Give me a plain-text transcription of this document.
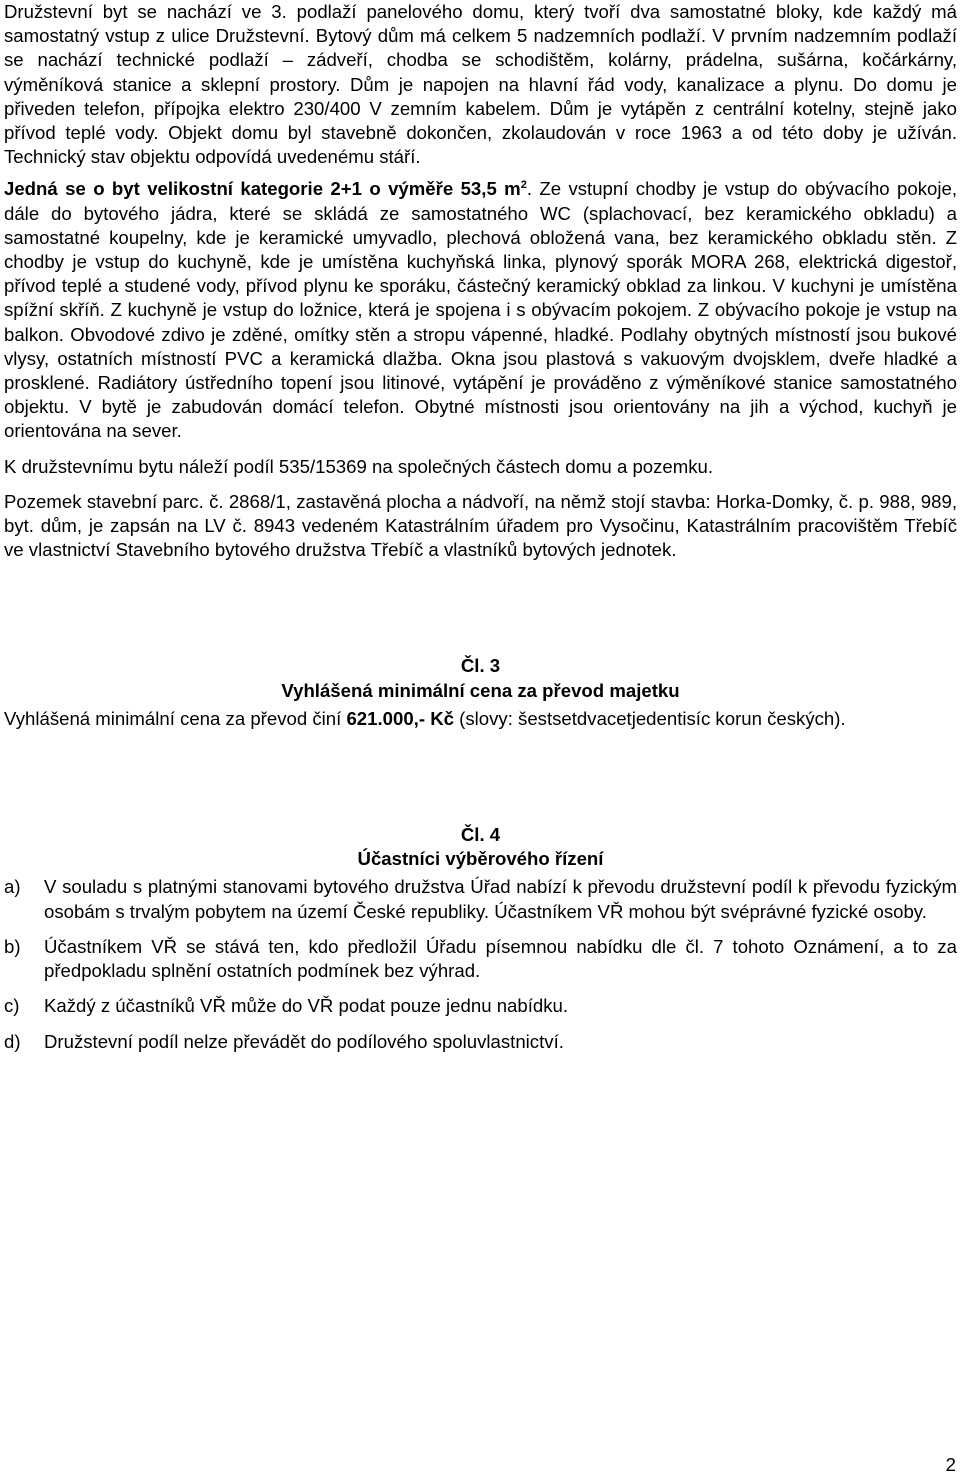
Družstevní byt se nachází ve 3. podlaží panelového domu, který tvoří dva samostatné bloky, kde každý má samostatný vstup z ulice Družstevní. Bytový dům má celkem 5 nadzemních podlaží. V prvním nadzemním podlaží se nachází technické podlaží – zádveří, chodba se schodištěm, kolárny, prádelna, sušárna, kočárkárny, výměníková stanice a sklepní prostory. Dům je napojen na hlavní řád vody, kanalizace a plynu. Do domu je přiveden telefon, přípojka elektro 230/400 V zemním kabelem. Dům je vytápěn z centrální kotelny, stejně jako přívod teplé vody. Objekt domu byl stavebně dokončen, zkolaudován v roce 1963 a od této doby je užíván. Technický stav objektu odpovídá uvedenému stáří.

Jedná se o byt velikostní kategorie 2+1 o výměře 53,5 $m^2$. Ze vstupní chodby je vstup do obývacího pokoje, dále do bytového jádra, které se skládá ze samostatného WC (splachovací, bez keramického obkladu) a samostatné koupelny, kde je keramické umyvadlo, plechová obložená vana, bez keramického obkladu stěn. Z chodby je vstup do kuchyně, kde je umístěna kuchyňská linka, plynový sporák MORA 268, elektrická digestoř, přívod teplé a studené vody, přívod plynu ke sporáku, částečný keramický obklad za linkou. V kuchyni je umístěna spížní skříň. Z kuchyně je vstup do ložnice, která je spojena i s obývacím pokojem. Z obývacího pokoje je vstup na balkon. Obvodové zdivo je zděné, omítky stěn a stropu vápenné, hladké. Podlahy obytných místností jsou bukové vlysy, ostatních místností PVC a keramická dlažba. Okna jsou plastová s vakuovým dvojsklem, dveře hladké a prosklené. Radiátory ústředního topení jsou litinové, vytápění je prováděno z výměníkové stanice samostatného objektu. V bytě je zabudován domácí telefon. Obytné místnosti jsou orientovány na jih a východ, kuchyň je orientována na sever.

K družstevnímu bytu náleží podíl 535/15369 na společných částech domu a pozemku.

Pozemek stavební parc. č. 2868/1, zastavěná plocha a nádvoří, na němž stojí stavba: Horka-Domky, č. p. 988, 989, byt. dům, je zapsán na LV č. 8943 vedeném Katastrálním úřadem pro Vysočinu, Katastrálním pracovištěm Třebíč ve vlastnictví Stavebního bytového družstva Třebíč a vlastníků bytových jednotek.

Čl. 3

Vyhlášená minimální cena za převod majetku

Vyhlášená minimální cena za převod činí 621.000,- Kč (slovy: šestsetdvacetjedentisíc korun českých).

Čl. 4

Účastníci výběrového řízení

a)	V souladu s platnými stanovami bytového družstva Úřad nabízí k převodu družstevní podíl k převodu fyzickým osobám s trvalým pobytem na území České republiky. Účastníkem VŘ mohou být svéprávné fyzické osoby.
b)	Účastníkem VŘ se stává ten, kdo předložil Úřadu písemnou nabídku dle čl. 7 tohoto Oznámení, a to za předpokladu splnění ostatních podmínek bez výhrad.
c)	Každý z účastníků VŘ může do VŘ podat pouze jednu nabídku.
d)	Družstevní podíl nelze převádět do podílového spoluvlastnictví.
2
